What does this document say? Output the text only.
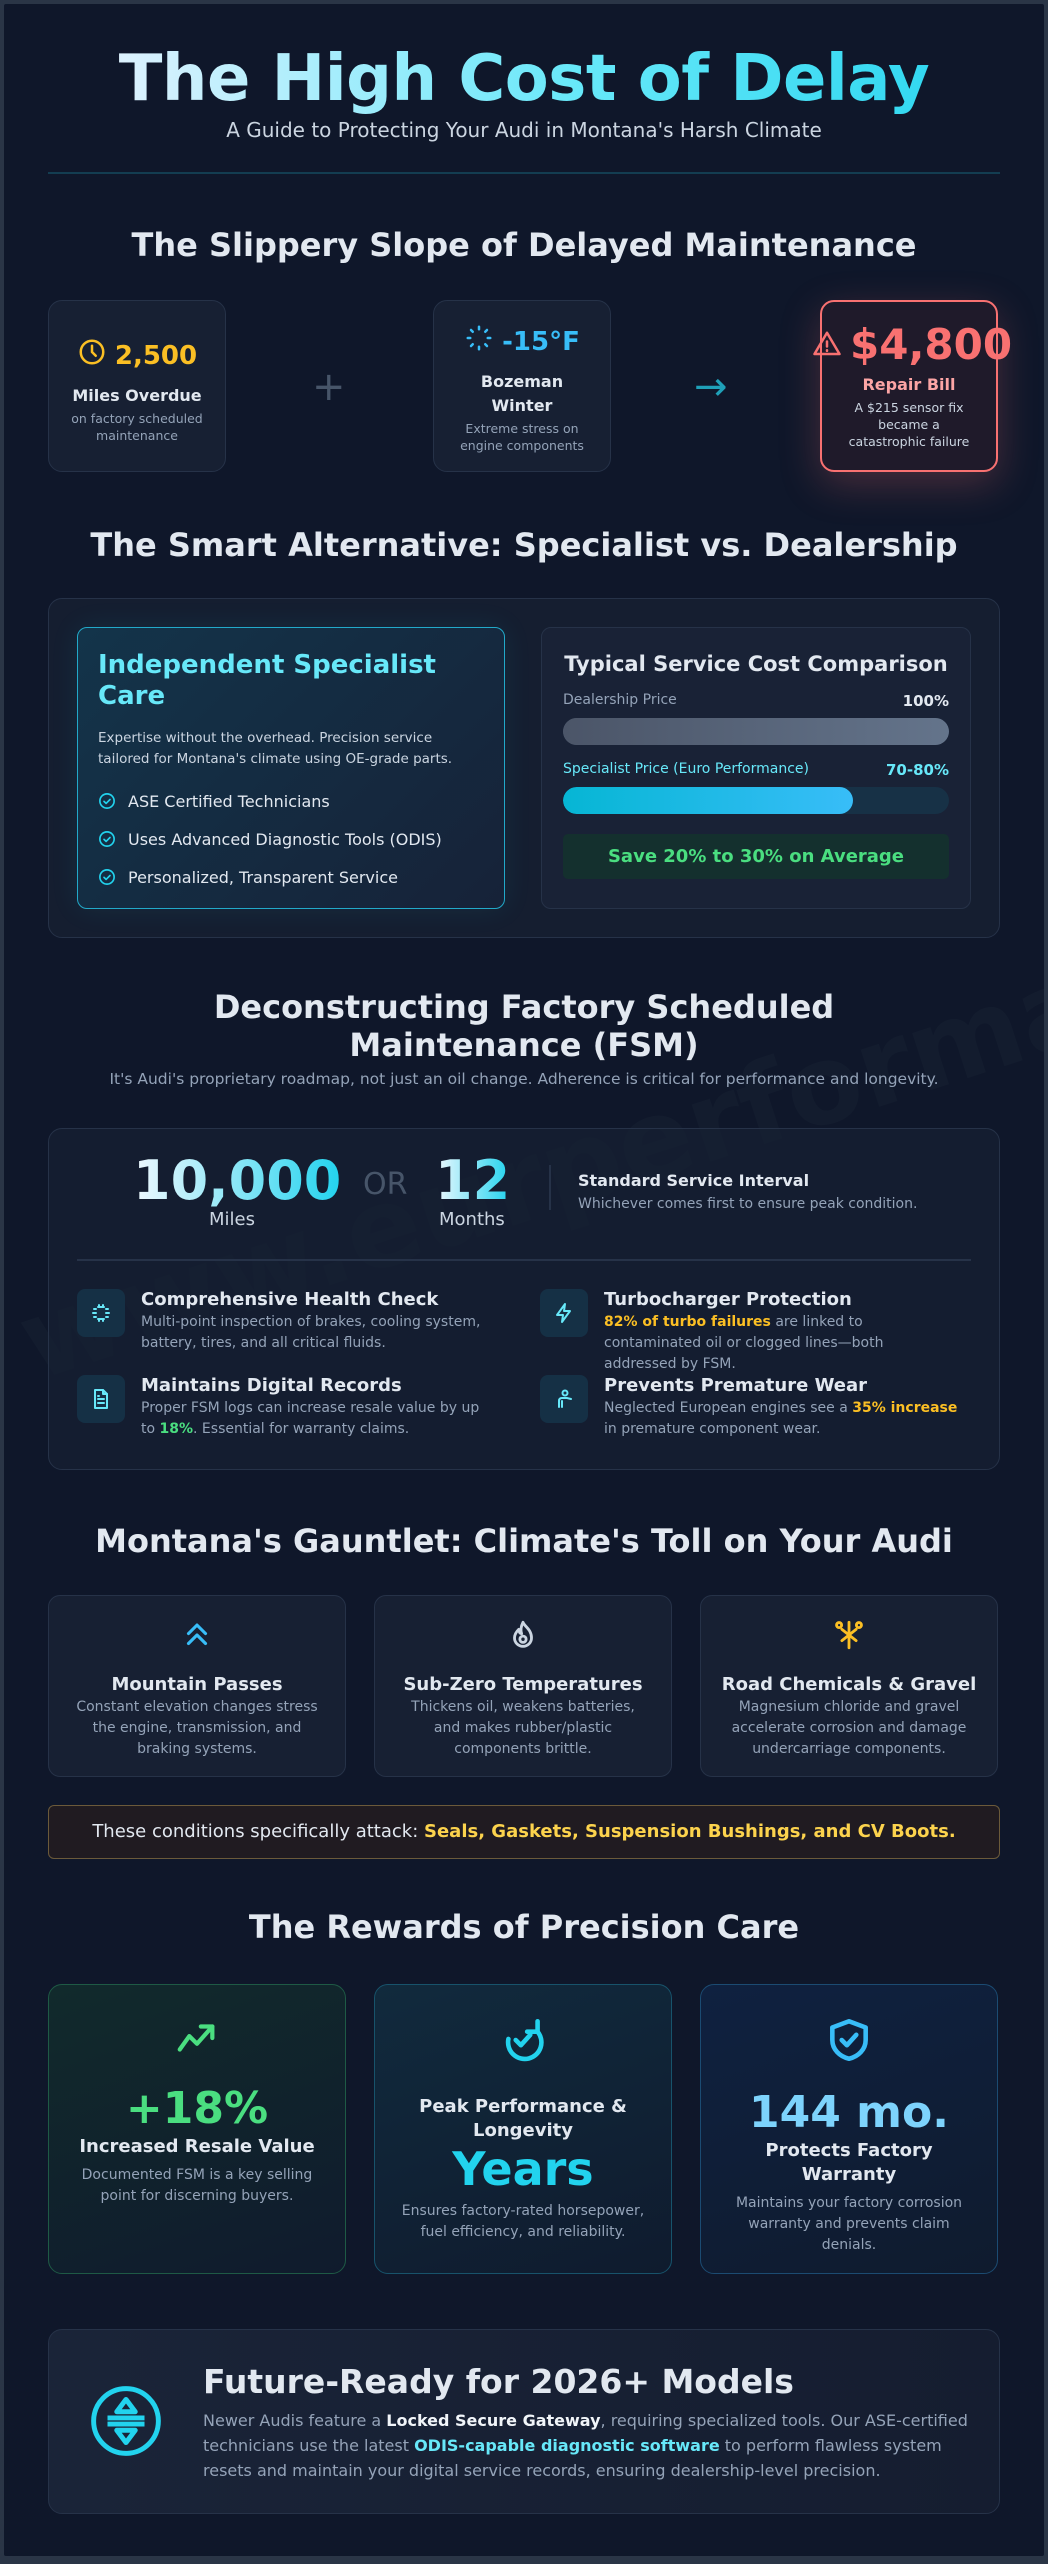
The High Cost of Delay
A Guide to Protecting Your Audi in Montana's Harsh Climate
The Slippery Slope of Delayed Maintenance
2,500
Miles Overdue
on factory scheduled maintenance
+
-15°F
Bozeman Winter
Extreme stress on engine components
→
$4,800
Repair Bill
A $215 sensor fix became a catastrophic failure
The Smart Alternative: Specialist vs. Dealership
Independent Specialist Care

Expertise without the overhead. Precision service tailored for Montana's climate using OE-grade parts.

ASE Certified Technicians
Uses Advanced Diagnostic Tools (ODIS)
Personalized, Transparent Service
Typical Service Cost Comparison
Dealership Price	100%
Specialist Price (Euro Performance)	70-80%
Save 20% to 30% on Average
Deconstructing Factory Scheduled Maintenance (FSM)
It's Audi's proprietary roadmap, not just an oil change. Adherence is critical for performance and longevity.
10,000
Miles
OR 12
Months
Standard Service Interval
Whichever comes first to ensure peak condition.
Comprehensive Health Check

Multi-point inspection of brakes, cooling system, battery, tires, and all critical fluids.

Turbocharger Protection

82% of turbo failures are linked to contaminated oil or clogged lines—both addressed by FSM.

Maintains Digital Records

Proper FSM logs can increase resale value by up to 18%. Essential for warranty claims.

Prevents Premature Wear

Neglected European engines see a 35% increase in premature component wear.

Montana's Gauntlet: Climate's Toll on Your Audi
Mountain Passes

Constant elevation changes stress the engine, transmission, and braking systems.

Sub-Zero Temperatures

Thickens oil, weakens batteries, and makes rubber/plastic components brittle.

Road Chemicals & Gravel

Magnesium chloride and gravel accelerate corrosion and damage undercarriage components.

These conditions specifically attack: Seals, Gaskets, Suspension Bushings, and CV Boots.
The Rewards of Precision Care
+18%
Increased Resale Value

Documented FSM is a key selling point for discerning buyers.

Peak Performance & Longevity
Years

Ensures factory-rated horsepower, fuel efficiency, and reliability.

144 mo.
Protects Factory Warranty

Maintains your factory corrosion warranty and prevents claim denials.

Future-Ready for 2026+ Models

Newer Audis feature a Locked Secure Gateway, requiring specialized tools. Our ASE-certified technicians use the latest ODIS-capable diagnostic software to perform flawless system resets and maintain your digital service records, ensuring dealership-level precision.
